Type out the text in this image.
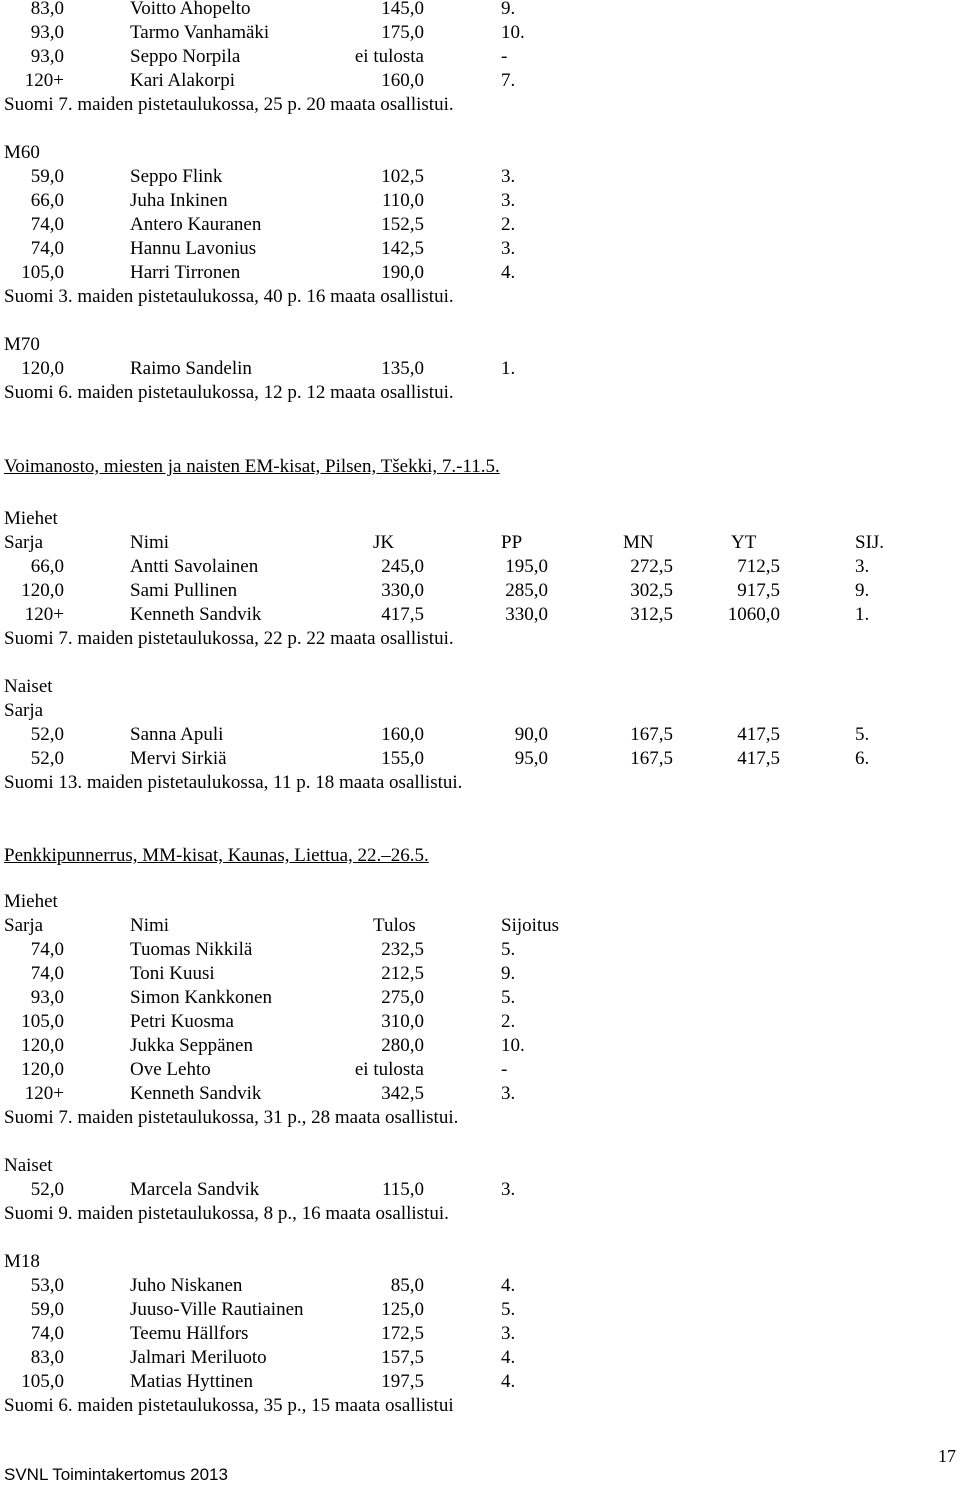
83,0	Voitto Ahopelto	145,0	9.
93,0	Tarmo Vanhamäki	175,0	10.
93,0	Seppo Norpila	ei tulosta	-
120+	Kari Alakorpi	160,0	7.
Suomi 7. maiden pistetaulukossa, 25 p. 20 maata osallistui.
M60
59,0	Seppo Flink	102,5	3.
66,0	Juha Inkinen	110,0	3.
74,0	Antero Kauranen	152,5	2.
74,0	Hannu Lavonius	142,5	3.
105,0	Harri Tirronen	190,0	4.
Suomi 3. maiden pistetaulukossa, 40 p. 16 maata osallistui.
M70
120,0	Raimo Sandelin	135,0	1.
Suomi 6. maiden pistetaulukossa, 12 p. 12 maata osallistui.
Voimanosto, miesten ja naisten EM-kisat, Pilsen, Tšekki, 7.-11.5.
Miehet
Sarja	Nimi	JK	PP	MN	YT	SIJ.
66,0	Antti Savolainen	245,0	195,0	272,5	712,5	3.
120,0	Sami Pullinen	330,0	285,0	302,5	917,5	9.
120+	Kenneth Sandvik	417,5	330,0	312,5	1060,0	1.
Suomi 7. maiden pistetaulukossa, 22 p. 22 maata osallistui.
Naiset
Sarja
52,0	Sanna Apuli	160,0	90,0	167,5	417,5	5.
52,0	Mervi Sirkiä	155,0	95,0	167,5	417,5	6.
Suomi 13. maiden pistetaulukossa, 11 p. 18 maata osallistui.
Penkkipunnerrus, MM-kisat, Kaunas, Liettua, 22.–26.5.
Miehet
Sarja	Nimi	Tulos	Sijoitus
74,0	Tuomas Nikkilä	232,5	5.
74,0	Toni Kuusi	212,5	9.
93,0	Simon Kankkonen	275,0	5.
105,0	Petri Kuosma	310,0	2.
120,0	Jukka Seppänen	280,0	10.
120,0	Ove Lehto	ei tulosta	-
120+	Kenneth Sandvik	342,5	3.
Suomi 7. maiden pistetaulukossa, 31 p., 28 maata osallistui.
Naiset
52,0	Marcela Sandvik	115,0	3.
Suomi 9. maiden pistetaulukossa, 8 p., 16 maata osallistui.
M18
53,0	Juho Niskanen	85,0	4.
59,0	Juuso-Ville Rautiainen	125,0	5.
74,0	Teemu Hällfors	172,5	3.
83,0	Jalmari Meriluoto	157,5	4.
105,0	Matias Hyttinen	197,5	4.
Suomi 6. maiden pistetaulukossa, 35 p., 15 maata osallistui
SVNL Toimintakertomus 2013
17
